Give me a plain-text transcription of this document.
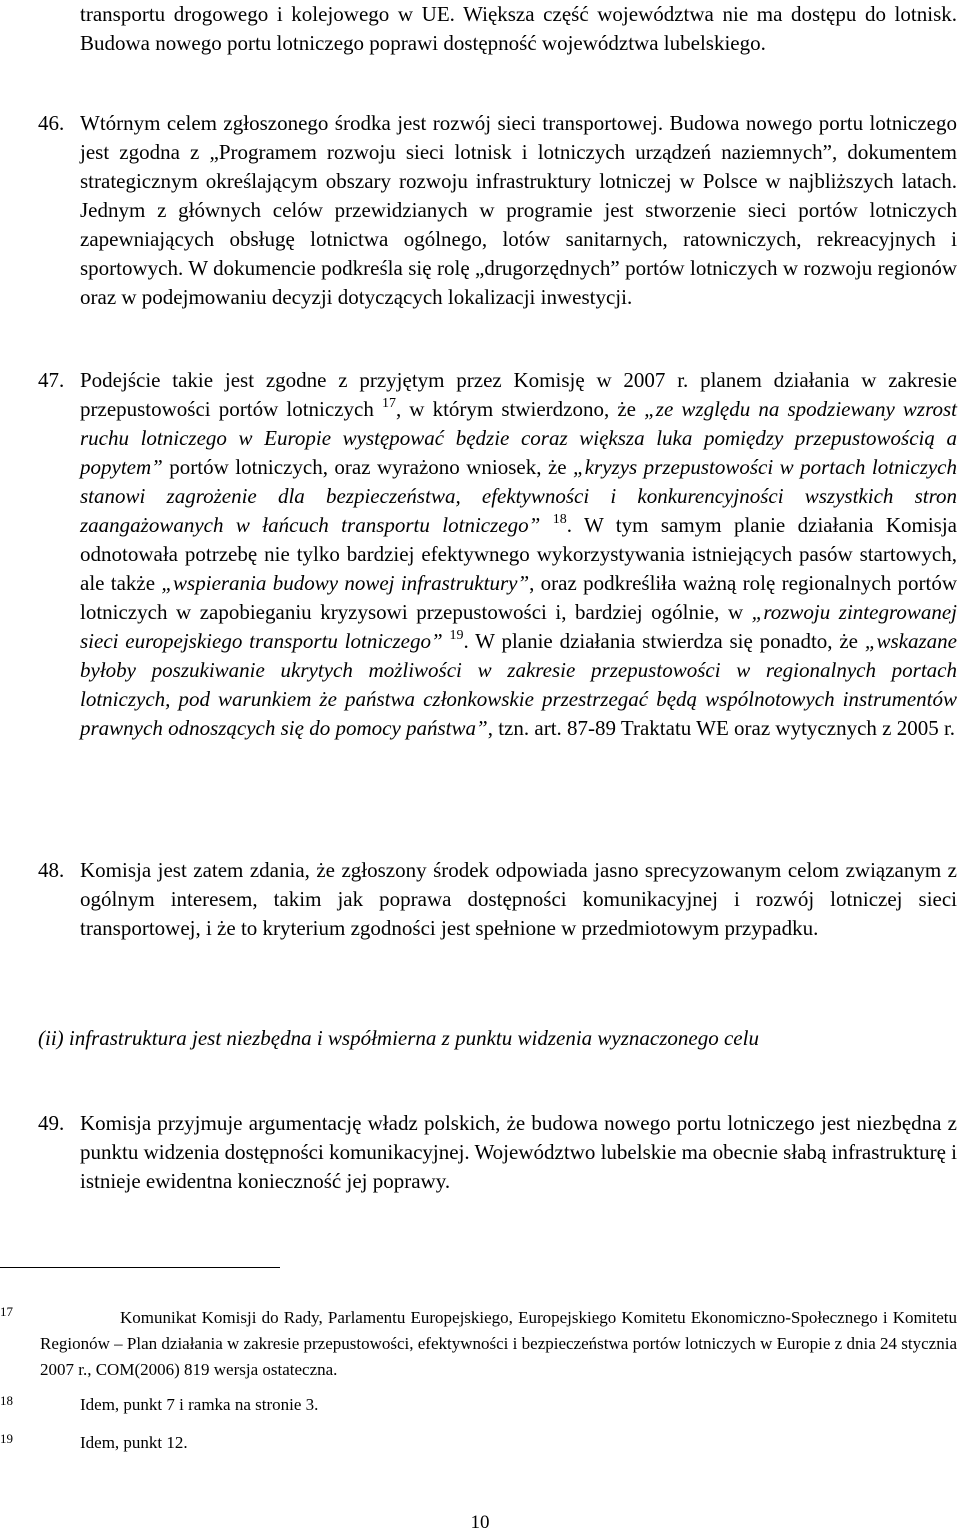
transportu drogowego i kolejowego w UE. Większa część województwa nie ma dostępu do lotnisk. Budowa nowego portu lotniczego poprawi dostępność województwa lubelskiego.
46. Wtórnym celem zgłoszonego środka jest rozwój sieci transportowej. Budowa nowego portu lotniczego jest zgodna z „Programem rozwoju sieci lotnisk i lotniczych urządzeń naziemnych”, dokumentem strategicznym określającym obszary rozwoju infrastruktury lotniczej w Polsce w najbliższych latach. Jednym z głównych celów przewidzianych w programie jest stworzenie sieci portów lotniczych zapewniających obsługę lotnictwa ogólnego, lotów sanitarnych, ratowniczych, rekreacyjnych i sportowych. W dokumencie podkreśla się rolę „drugorzędnych” portów lotniczych w rozwoju regionów oraz w podejmowaniu decyzji dotyczących lokalizacji inwestycji.
47. Podejście takie jest zgodne z przyjętym przez Komisję w 2007 r. planem działania w zakresie przepustowości portów lotniczych $^{17}$, w którym stwierdzono, że „ze względu na spodziewany wzrost ruchu lotniczego w Europie występować będzie coraz większa luka pomiędzy przepustowością a popytem” portów lotniczych, oraz wyrażono wniosek, że „kryzys przepustowości w portach lotniczych stanowi zagrożenie dla bezpieczeństwa, efektywności i konkurencyjności wszystkich stron zaangażowanych w łańcuch transportu lotniczego” $^{18}$. W tym samym planie działania Komisja odnotowała potrzebę nie tylko bardziej efektywnego wykorzystywania istniejących pasów startowych, ale także „wspierania budowy nowej infrastruktury”, oraz podkreśliła ważną rolę regionalnych portów lotniczych w zapobieganiu kryzysowi przepustowości i, bardziej ogólnie, w „rozwoju zintegrowanej sieci europejskiego transportu lotniczego” $^{19}$. W planie działania stwierdza się ponadto, że „wskazane byłoby poszukiwanie ukrytych możliwości w zakresie przepustowości w regionalnych portach lotniczych, pod warunkiem że państwa członkowskie przestrzegać będą wspólnotowych instrumentów prawnych odnoszących się do pomocy państwa”, tzn. art. 87-89 Traktatu WE oraz wytycznych z 2005 r.
48. Komisja jest zatem zdania, że zgłoszony środek odpowiada jasno sprecyzowanym celom związanym z ogólnym interesem, takim jak poprawa dostępności komunikacyjnej i rozwój lotniczej sieci transportowej, i że to kryterium zgodności jest spełnione w przedmiotowym przypadku.
(ii) infrastruktura jest niezbędna i współmierna z punktu widzenia wyznaczonego celu
49. Komisja przyjmuje argumentację władz polskich, że budowa nowego portu lotniczego jest niezbędna z punktu widzenia dostępności komunikacyjnej. Województwo lubelskie ma obecnie słabą infrastrukturę i istnieje ewidentna konieczność jej poprawy.
17	Komunikat Komisji do Rady, Parlamentu Europejskiego, Europejskiego Komitetu Ekonomiczno-Społecznego i Komitetu Regionów – Plan działania w zakresie przepustowości, efektywności i bezpieczeństwa portów lotniczych w Europie z dnia 24 stycznia 2007 r., COM(2006) 819 wersja ostateczna.
18	Idem, punkt 7 i ramka na stronie 3.
19	Idem, punkt 12.
10
